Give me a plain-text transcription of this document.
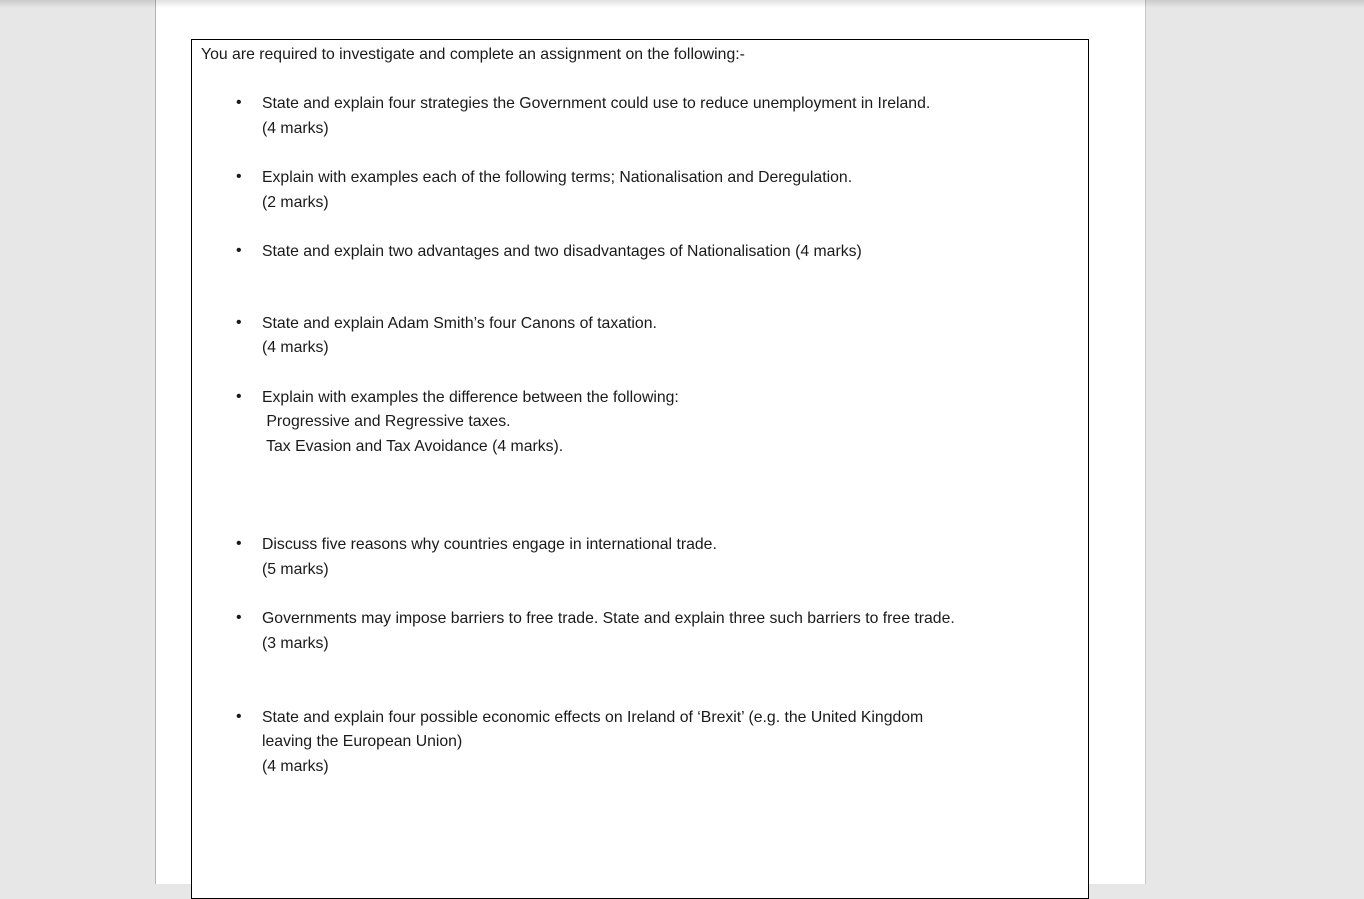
You are required to investigate and complete an assignment on the following:-

• State and explain four strategies the Government could use to reduce unemployment in Ireland.
(4 marks)
• Explain with examples each of the following terms; Nationalisation and Deregulation.
(2 marks)
• State and explain two advantages and two disadvantages of Nationalisation (4 marks)
• State and explain Adam Smith’s four Canons of taxation.
(4 marks)
• Explain with examples the difference between the following:
Progressive and Regressive taxes.
Tax Evasion and Tax Avoidance (4 marks).
• Discuss five reasons why countries engage in international trade.
(5 marks)
• Governments may impose barriers to free trade. State and explain three such barriers to free trade.
(3 marks)
• State and explain four possible economic effects on Ireland of ‘Brexit’ (e.g. the United Kingdom
leaving the European Union)
(4 marks)
